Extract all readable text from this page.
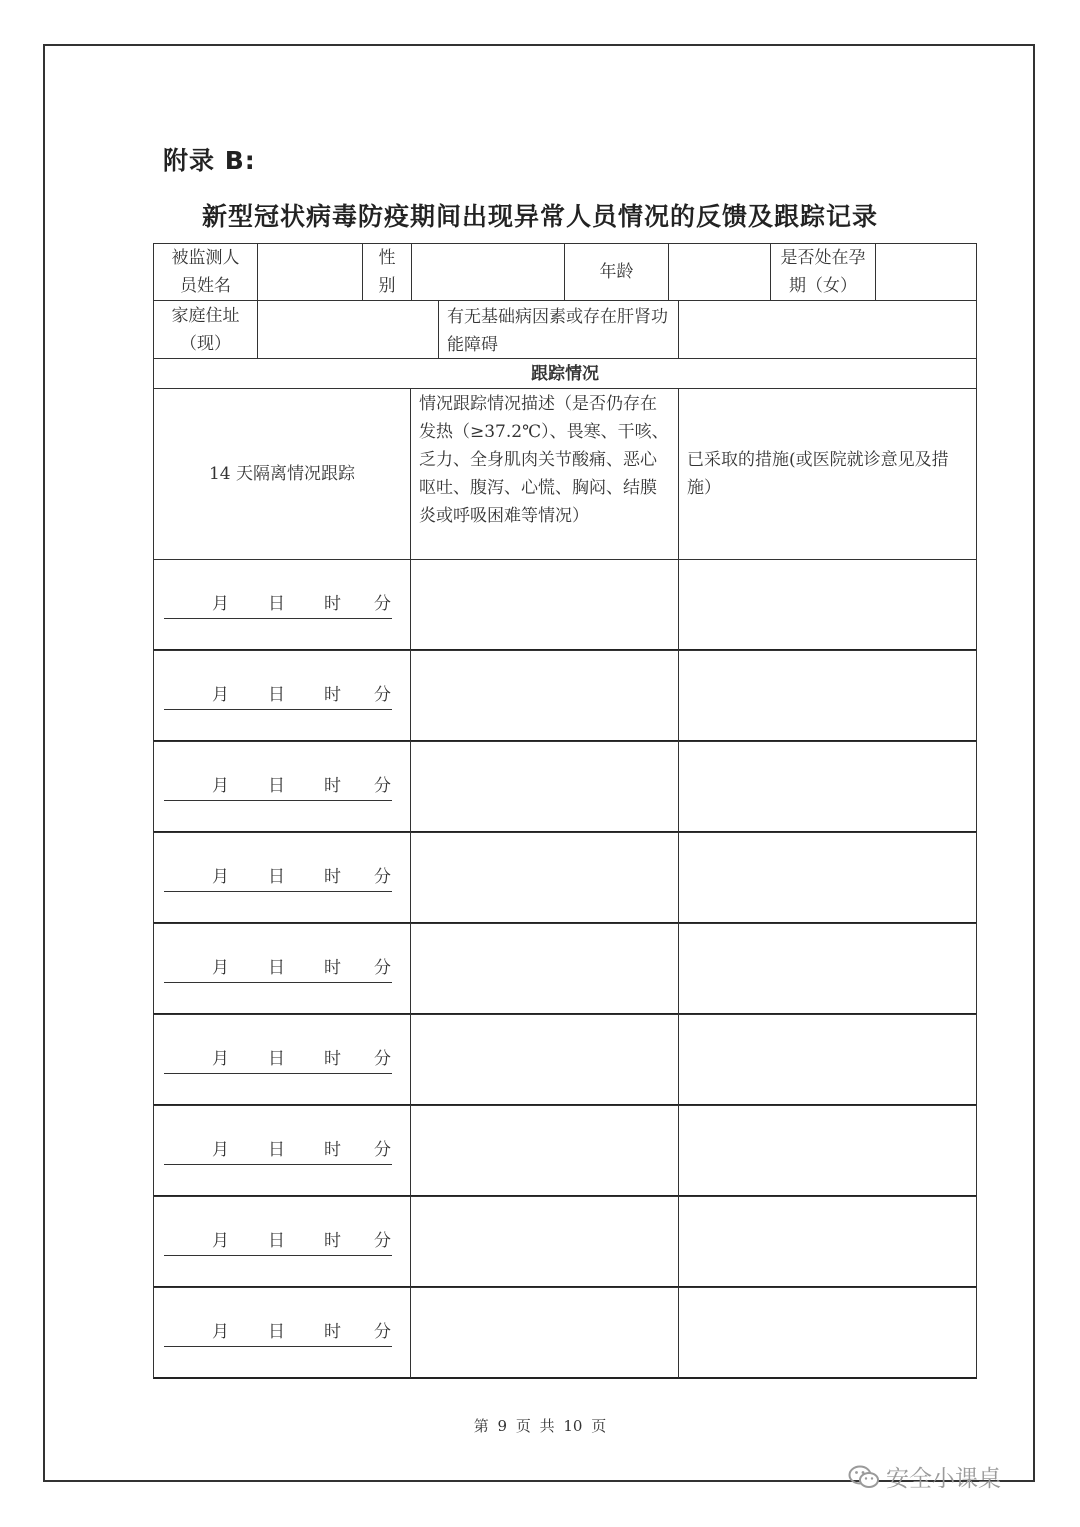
附录 B:
新型冠状病毒防疫期间出现异常人员情况的反馈及跟踪记录
被监测人员姓名
性别
年龄
是否处在孕期（女）
家庭住址（现）
有无基础病因素或存在肝肾功能障碍
跟踪情况
14 天隔离情况跟踪
情况跟踪情况描述（是否仍存在发热（≥37.2℃）、畏寒、干咳、乏力、全身肌肉关节酸痛、恶心呕吐、腹泻、心慌、胸闷、结膜炎或呼吸困难等情况）
已采取的措施(或医院就诊意见及措施）
月 日 时 分
月 日 时 分
月 日 时 分
月 日 时 分
月 日 时 分
月 日 时 分
月 日 时 分
月 日 时 分
月 日 时 分
第 9 页 共 10 页
安全小课桌
